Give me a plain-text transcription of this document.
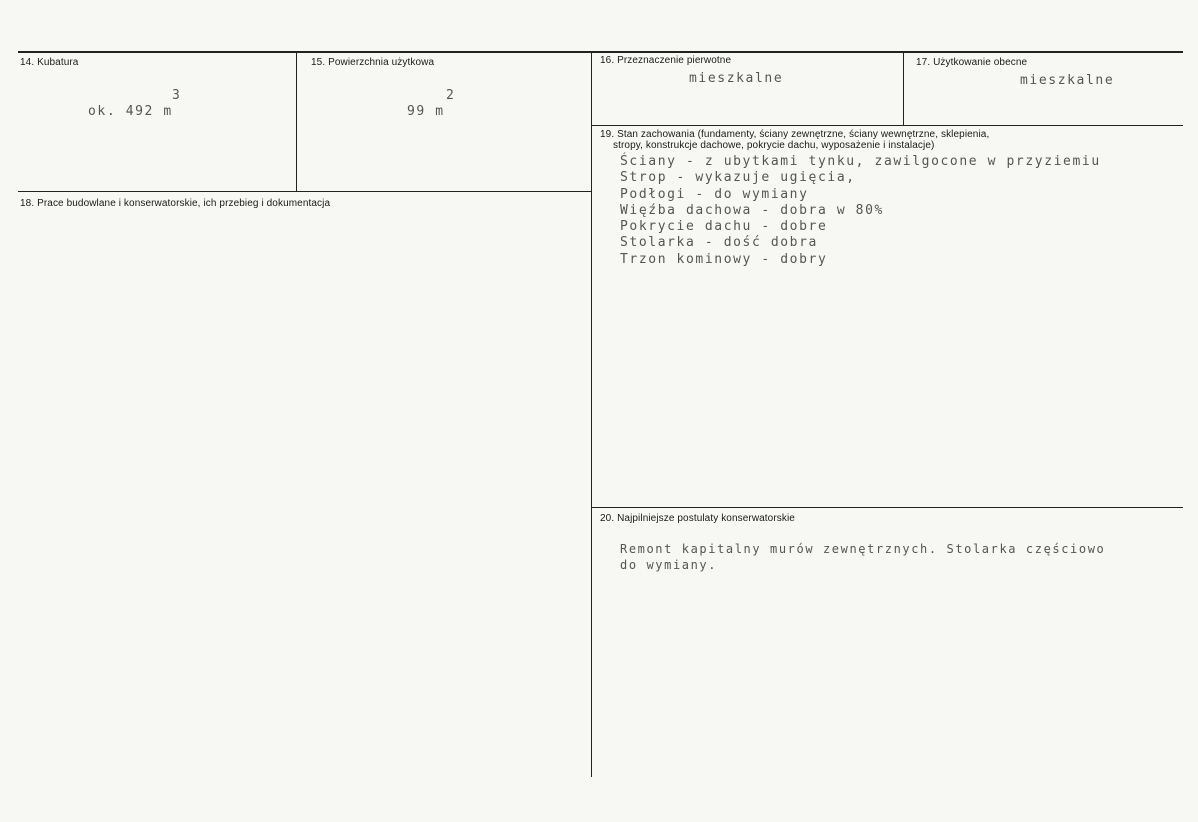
14. Kubatura
3
ok. 492 m
15. Powierzchnia użytkowa
2
99 m
16. Przeznaczenie pierwotne
mieszkalne
17. Użytkowanie obecne
mieszkalne
18. Prace budowlane i konserwatorskie, ich przebieg i dokumentacja
19. Stan zachowania (fundamenty, ściany zewnętrzne, ściany wewnętrzne, sklepienia,
stropy, konstrukcje dachowe, pokrycie dachu, wyposażenie i instalacje)
Ściany - z ubytkami tynku, zawilgocone w przyziemiu
Strop - wykazuje ugięcia,
Podłogi - do wymiany
Więźba dachowa - dobra w 80%
Pokrycie dachu - dobre
Stolarka - dość dobra
Trzon kominowy - dobry
20. Najpilniejsze postulaty konserwatorskie
Remont kapitalny murów zewnętrznych. Stolarka częściowo
do wymiany.
